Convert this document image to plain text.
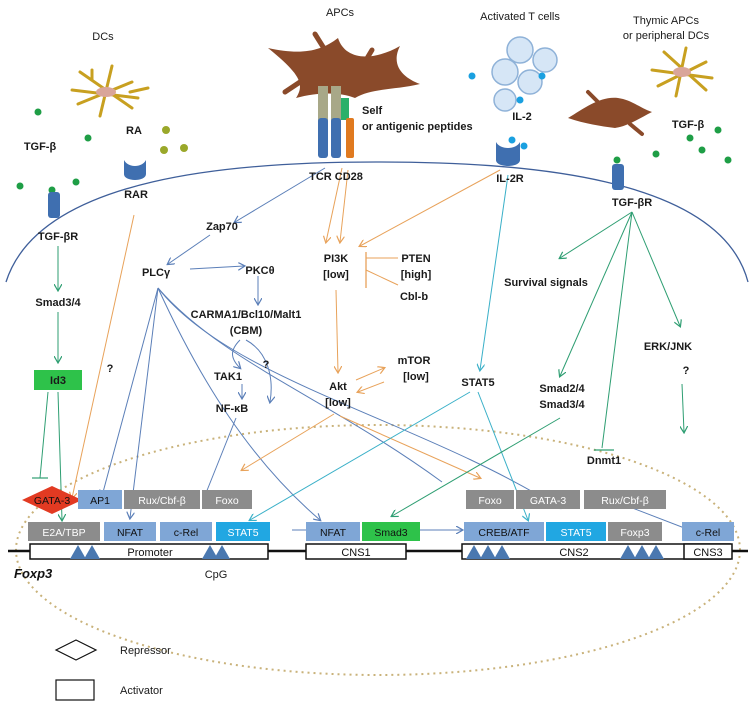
GATA-3 AP1	Rux/Cbf-β	Foxo
E2A/TBP	NFAT	c-Rel	STAT5	NFAT	Smad3
Foxo	GATA-3	Rux/Cbf-β
CREB/ATF	STAT5	Foxp3	c-Rel
Id3
DCs
APCs	Activated T cells	Thymic APCs
or peripheral DCs
Self
or antigenic peptides
TGF-β
RA
IL-2
TGF-β
RAR
TCR CD28	IL-2R
TGF-βR
TGF-βR
Smad3/4
?
Zap70
PLCγ	PKCθ
CARMA1/Bcl10/Malt1
(CBM)
TAK1
?
NF-κB
PI3K
[low]
PTEN
[high]
Cbl-b
Akt
[low]
mTOR
[low]	STAT5
Survival signals
Smad2/4
Smad3/4
ERK/JNK
?
Dnmt1
Promoter	CNS1	CNS2	CNS3
Foxp3	CpG
Repressor
Activator
